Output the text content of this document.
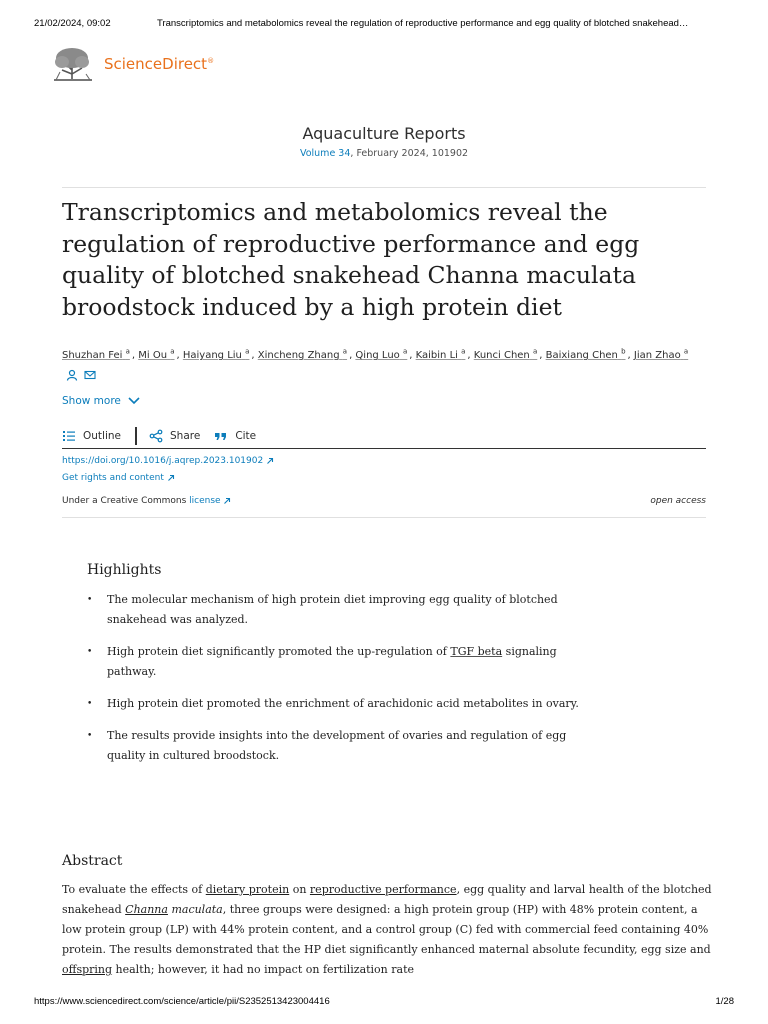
21/02/2024, 09:02	Transcriptomics and metabolomics reveal the regulation of reproductive performance and egg quality of blotched snakehead…
ScienceDirect®
Aquaculture Reports
Volume 34, February 2024, 101902
Transcriptomics and metabolomics reveal the regulation of reproductive performance and egg quality of blotched snakehead Channa maculata broodstock induced by a high protein diet
Shuzhan Fei $^a$ , Mi Ou $^a$ , Haiyang Liu $^a$ , Xincheng Zhang $^a$ , Qing Luo $^a$ , Kaibin Li $^a$ , Kunci Chen $^a$ , Baixiang Chen $^b$ , Jian Zhao $^a$
Show more
Outline	Share	Cite
https://doi.org/10.1016/j.aqrep.2023.101902
Get rights and content
Under a Creative Commons license	open access
Highlights
• The molecular mechanism of high protein diet improving egg quality of blotched snakehead was analyzed.
• High protein diet significantly promoted the up-regulation of TGF beta signaling pathway.
• High protein diet promoted the enrichment of arachidonic acid metabolites in ovary.
• The results provide insights into the development of ovaries and regulation of egg quality in cultured broodstock.
Abstract
To evaluate the effects of dietary protein on reproductive performance, egg quality and larval health of the blotched snakehead Channa maculata, three groups were designed: a high protein group (HP) with 48% protein content, a low protein group (LP) with 44% protein content, and a control group (C) fed with commercial feed containing 40% protein. The results demonstrated that the HP diet significantly enhanced maternal absolute fecundity, egg size and offspring health; however, it had no impact on fertilization rate
https://www.sciencedirect.com/science/article/pii/S2352513423004416	1/28
